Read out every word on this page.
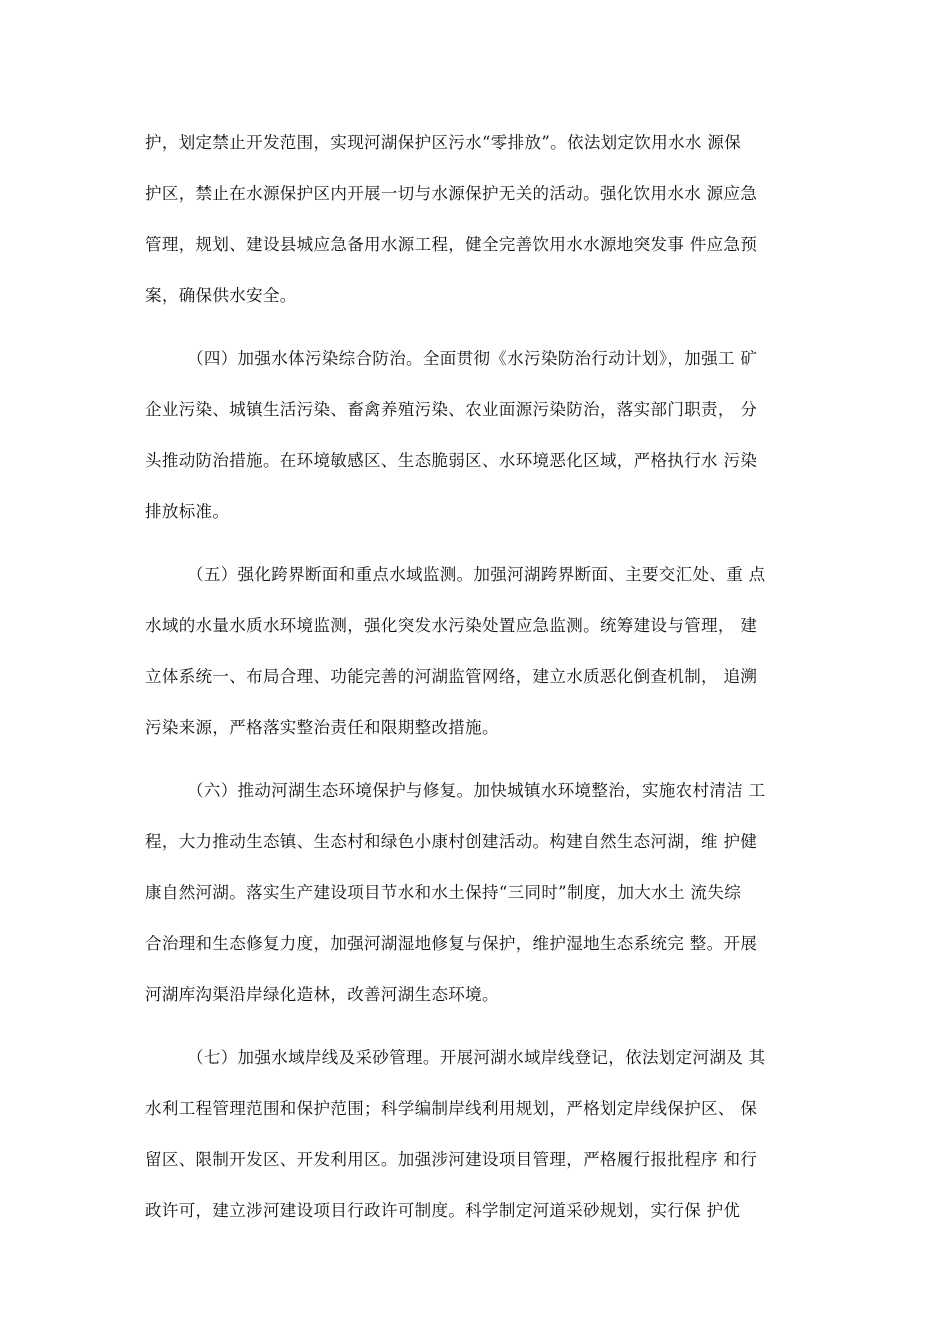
护，划定禁止开发范围，实现河湖保护区污水“零排放”。依法划定饮用水水 源保
护区，禁止在水源保护区内开展一切与水源保护无关的活动。强化饮用水水 源应急
管理，规划、建设县城应急备用水源工程，健全完善饮用水水源地突发事 件应急预
案，确保供水安全。
（四）加强水体污染综合防治。全面贯彻《水污染防治行动计划》，加强工 矿
企业污染、城镇生活污染、畜禽养殖污染、农业面源污染防治，落实部门职责， 分
头推动防治措施。在环境敏感区、生态脆弱区、水环境恶化区域，严格执行水 污染
排放标准。
（五）强化跨界断面和重点水域监测。加强河湖跨界断面、主要交汇处、重 点
水域的水量水质水环境监测，强化突发水污染处置应急监测。统筹建设与管理， 建
立体系统一、布局合理、功能完善的河湖监管网络，建立水质恶化倒查机制， 追溯
污染来源，严格落实整治责任和限期整改措施。
（六）推动河湖生态环境保护与修复。加快城镇水环境整治，实施农村清洁 工
程，大力推动生态镇、生态村和绿色小康村创建活动。构建自然生态河湖，维 护健
康自然河湖。落实生产建设项目节水和水土保持“三同时”制度，加大水土 流失综
合治理和生态修复力度，加强河湖湿地修复与保护，维护湿地生态系统完 整。开展
河湖库沟渠沿岸绿化造林，改善河湖生态环境。
（七）加强水域岸线及采砂管理。开展河湖水域岸线登记，依法划定河湖及 其
水利工程管理范围和保护范围；科学编制岸线利用规划，严格划定岸线保护区、 保
留区、限制开发区、开发利用区。加强涉河建设项目管理，严格履行报批程序 和行
政许可，建立涉河建设项目行政许可制度。科学制定河道采砂规划，实行保 护优
